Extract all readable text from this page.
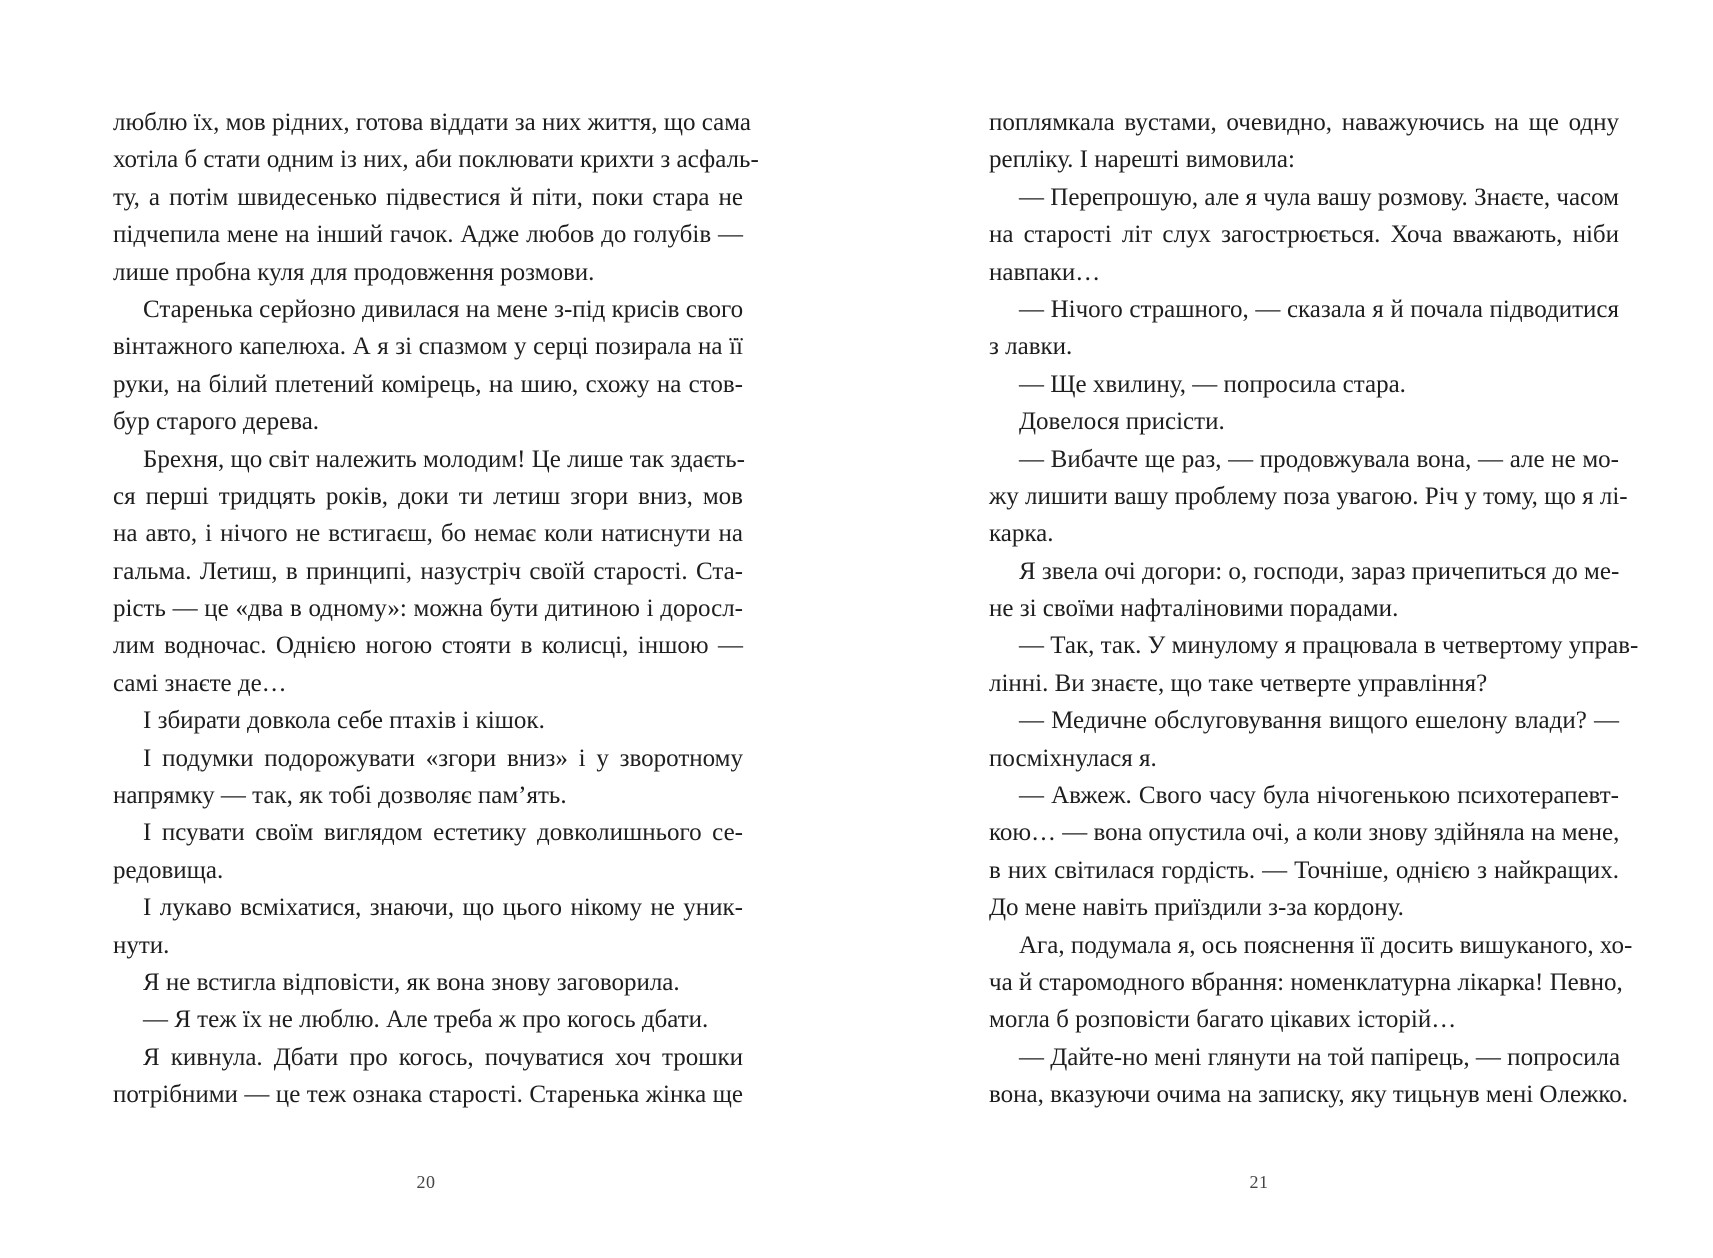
люблю їх, мов рідних, готова віддати за них життя, що сама
хотіла б стати одним із них, аби поклювати крихти з асфаль-
ту, а потім швидесенько підвестися й піти, поки стара не
підчепила мене на інший гачок. Адже любов до голубів —
лише пробна куля для продовження розмови.
Старенька серйозно дивилася на мене з-під крисів свого
вінтажного капелюха. А я зі спазмом у серці позирала на її
руки, на білий плетений комірець, на шию, схожу на стов-
бур старого дерева.
Брехня, що світ належить молодим! Це лише так здаєть-
ся перші тридцять років, доки ти летиш згори вниз, мов
на авто, і нічого не встигаєш, бо немає коли натиснути на
гальма. Летиш, в принципі, назустріч своїй старості. Ста-
рість — це «два в одному»: можна бути дитиною і доросл-
лим водночас. Однією ногою стояти в колисці, іншою —
самі знаєте де…
І збирати довкола себе птахів і кішок.
І подумки подорожувати «згори вниз» і у зворотному
напрямку — так, як тобі дозволяє пам’ять.
І псувати своїм виглядом естетику довколишнього се-
редовища.
І лукаво всміхатися, знаючи, що цього нікому не уник-
нути.
Я не встигла відповісти, як вона знову заговорила.
— Я теж їх не люблю. Але треба ж про когось дбати.
Я кивнула. Дбати про когось, почуватися хоч трошки
потрібними — це теж ознака старості. Старенька жінка ще
20
поплямкала вустами, очевидно, наважуючись на ще одну
репліку. І нарешті вимовила:
— Перепрошую, але я чула вашу розмову. Знаєте, часом
на старості літ слух загострюється. Хоча вважають, ніби
навпаки…
— Нічого страшного, — сказала я й почала підводитися
з лавки.
— Ще хвилину, — попросила стара.
Довелося присісти.
— Вибачте ще раз, — продовжувала вона, — але не мо-
жу лишити вашу проблему поза увагою. Річ у тому, що я лі-
карка.
Я звела очі догори: о, господи, зараз причепиться до ме-
не зі своїми нафталіновими порадами.
— Так, так. У минулому я працювала в четвертому управ-
лінні. Ви знаєте, що таке четверте управління?
— Медичне обслуговування вищого ешелону влади? —
посміхнулася я.
— Авжеж. Свого часу була нічогенькою психотерапевт-
кою… — вона опустила очі, а коли знову здійняла на мене,
в них світилася гордість. — Точніше, однією з найкращих.
До мене навіть приїздили з-за кордону.
Ага, подумала я, ось пояснення її досить вишуканого, хо-
ча й старомодного вбрання: номенклатурна лікарка! Певно,
могла б розповісти багато цікавих історій…
— Дайте-но мені глянути на той папірець, — попросила
вона, вказуючи очима на записку, яку тицьнув мені Олежко.
21
